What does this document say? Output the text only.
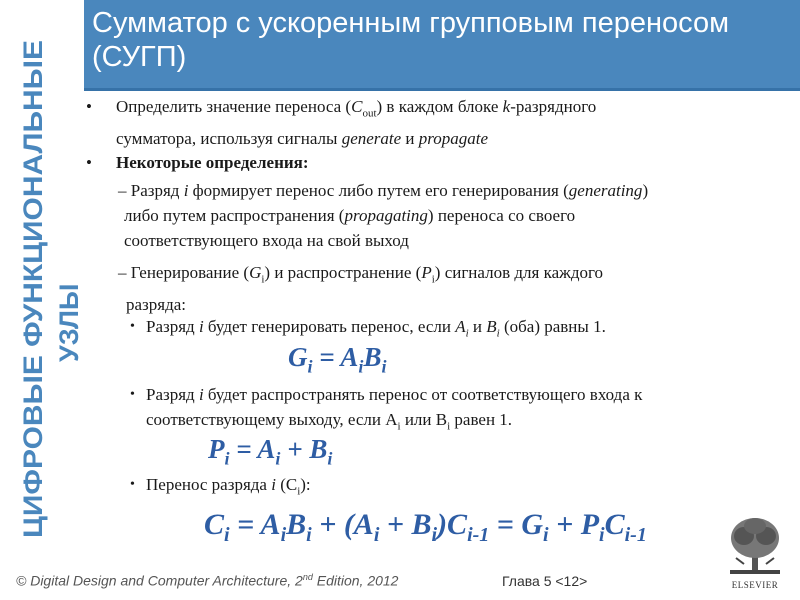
ЦИФРОВЫЕ ФУНКЦИОНАЛЬНЫЕ УЗЛЫ
Сумматор с ускоренным групповым переносом (СУГП)
• Определить значение переноса $(C_{out})$ в каждом блоке k-разрядного
сумматора, используя сигналы generate и propagate
• Некоторые определения:
– Разряд i формирует перенос либо путем его генерирования (generating)
либо путем распространения (propagating) переноса со своего
соответствующего входа на свой выход
– Генерирование $(G_i)$ и распространение $(P_i)$ сигналов для каждого
разряда:
• Разряд i будет генерировать перенос, если $A_i$ и $B_i$ (оба) равны 1.
• Разряд i будет распространять перенос от соответствующего входа к
соответствующему выходу, если $A_i$ или $B_i$ равен 1.
• Перенос разряда i $(C_i)$:
$G_i = A_iB_i$
$P_i = A_i + B_i$
$C_i = A_iB_i + (A_i + B_i)C_{i-1} = G_i + P_iC_{i-1}$
© Digital Design and Computer Architecture, 2nd Edition, 2012	Глава 5 <12>	ELSEVIER
